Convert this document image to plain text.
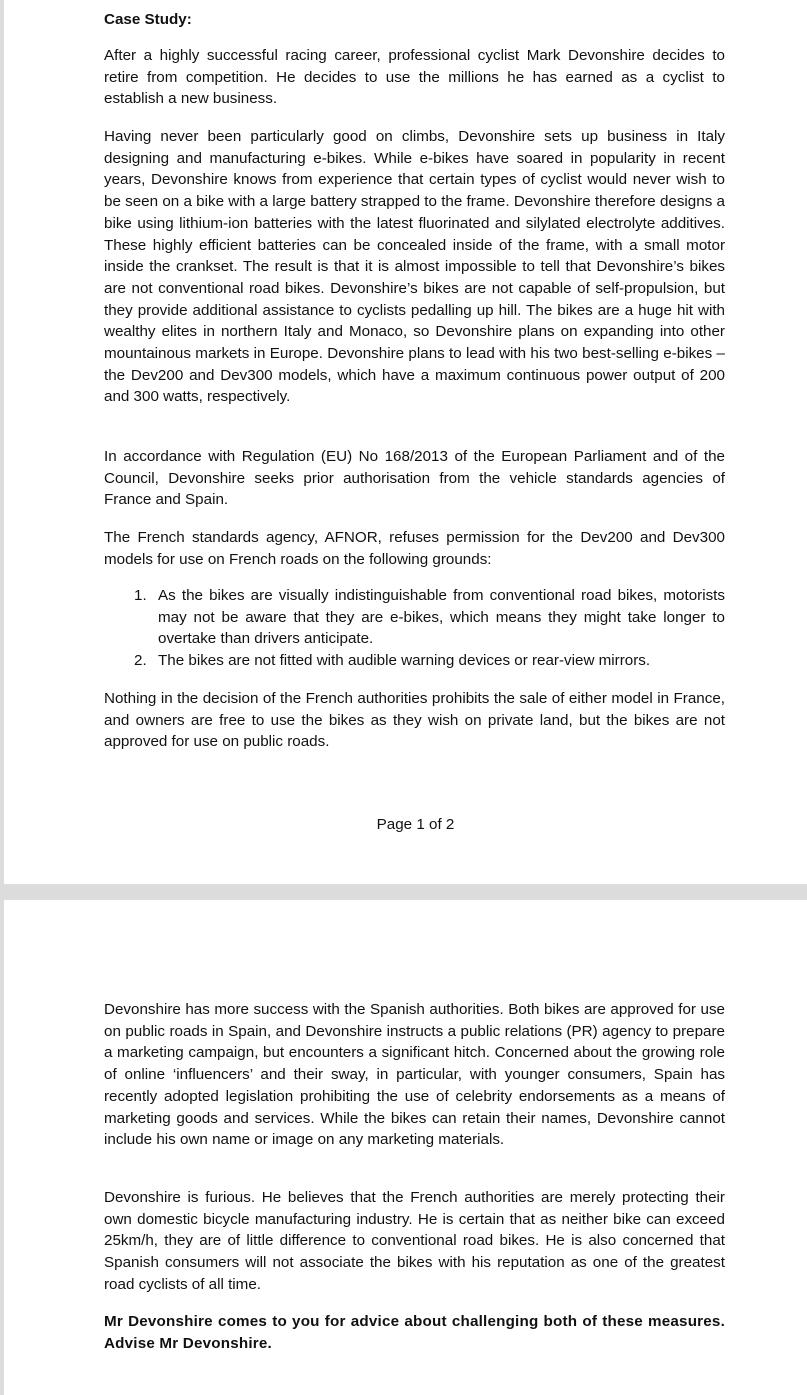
Case Study:

After a highly successful racing career, professional cyclist Mark Devonshire decides to retire from competition. He decides to use the millions he has earned as a cyclist to establish a new business.

Having never been particularly good on climbs, Devonshire sets up business in Italy designing and manufacturing e-bikes. While e-bikes have soared in popularity in recent years, Devonshire knows from experience that certain types of cyclist would never wish to be seen on a bike with a large battery strapped to the frame. Devonshire therefore designs a bike using lithium-ion batteries with the latest fluorinated and silylated electrolyte additives. These highly efficient batteries can be concealed inside of the frame, with a small motor inside the crankset. The result is that it is almost impossible to tell that Devonshire’s bikes are not conventional road bikes. Devonshire’s bikes are not capable of self-propulsion, but they provide additional assistance to cyclists pedalling up hill. The bikes are a huge hit with wealthy elites in northern Italy and Monaco, so Devonshire plans on expanding into other mountainous markets in Europe. Devonshire plans to lead with his two best-selling e-bikes – the Dev200 and Dev300 models, which have a maximum continuous power output of 200 and 300 watts, respectively.

In accordance with Regulation (EU) No 168/2013 of the European Parliament and of the Council, Devonshire seeks prior authorisation from the vehicle standards agencies of France and Spain.

The French standards agency, AFNOR, refuses permission for the Dev200 and Dev300 models for use on French roads on the following grounds:

1. As the bikes are visually indistinguishable from conventional road bikes, motorists may not be aware that they are e-bikes, which means they might take longer to overtake than drivers anticipate.
2. The bikes are not fitted with audible warning devices or rear-view mirrors.

Nothing in the decision of the French authorities prohibits the sale of either model in France, and owners are free to use the bikes as they wish on private land, but the bikes are not approved for use on public roads.

Page 1 of 2

Devonshire has more success with the Spanish authorities. Both bikes are approved for use on public roads in Spain, and Devonshire instructs a public relations (PR) agency to prepare a marketing campaign, but encounters a significant hitch. Concerned about the growing role of online ‘influencers’ and their sway, in particular, with younger consumers, Spain has recently adopted legislation prohibiting the use of celebrity endorsements as a means of marketing goods and services. While the bikes can retain their names, Devonshire cannot include his own name or image on any marketing materials.

Devonshire is furious. He believes that the French authorities are merely protecting their own domestic bicycle manufacturing industry. He is certain that as neither bike can exceed 25km/h, they are of little difference to conventional road bikes. He is also concerned that Spanish consumers will not associate the bikes with his reputation as one of the greatest road cyclists of all time.

Mr Devonshire comes to you for advice about challenging both of these measures. Advise Mr Devonshire.
